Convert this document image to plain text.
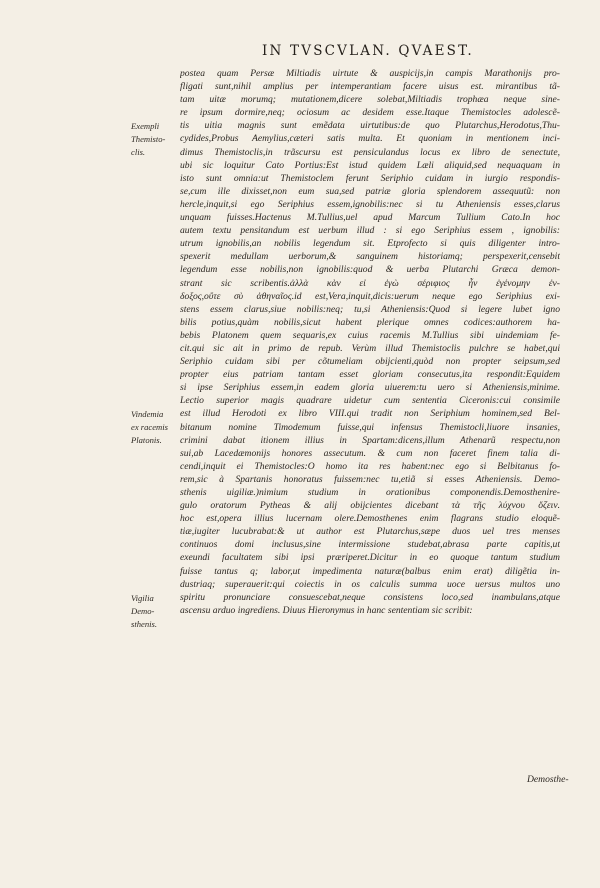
IN TVSCVLAN. QVAEST.
postea quam Persæ Miltiadis uirtute & auspicijs,in campis Marathonijs pro-
fligati sunt,nihil amplius per intemperantiam facere uisus est. mirantibus tã-
tam uitæ morumq; mutationem,dicere solebat,Miltiadis trophæa neque sine-
re ipsum dormire,neq; ociosum ac desidem esse.Itaque Themistocles adolescẽ-
tis uitia magnis sunt emẽdata uirtutibus:de quo Plutarchus,Herodotus,Thu-
cydides,Probus Aemylius,cæteri satis multa. Et quoniam in mentionem inci-
dimus Themistoclis,in trãscursu est pensiculandus locus ex libro de senectute,
ubi sic loquitur Cato Portius:Est istud quidem Læli aliquid,sed nequaquam in
isto sunt omnia:ut Themistoclem ferunt Seriphio cuidam in iurgio respondis-
se,cum ille dixisset,non eum sua,sed patriæ gloria splendorem assequutũ: non
hercle,inquit,si ego Seriphius essem,ignobilis:nec si tu Atheniensis esses,clarus
unquam fuisses.Hactenus M.Tullius,uel apud Marcum Tullium Cato.In hoc
autem textu pensitandum est uerbum illud : si ego Seriphius essem , ignobilis:
utrum ignobilis,an nobilis legendum sit. Etprofecto si quis diligenter intro-
spexerit medullam uerborum,& sanguinem historiamq; perspexerit,censebit
legendum esse nobilis,non ignobilis:quod & uerba Plutarchi Græca demon-
strant sic scribentis.ἀλλὰ κὰν εἰ ἐγὼ σέριφιος ἦν ἐγένομην ἐν-
δοξος,οὔτε σὺ ἀθηναῖος.id est,Vera,inquit,dicis:uerum neque ego Seriphius exi-
stens essem clarus,siue nobilis:neq; tu,si Atheniensis:Quod si legere lubet igno
bilis potius,quàm nobilis,sicut habent plerique omnes codices:authorem ha-
bebis Platonem quem sequaris,ex cuius racemis M.Tullius sibi uindemiam fe-
cit.qui sic ait in primo de repub. Verùm illud Themistoclis pulchre se habet,qui
Seriphio cuidam sibi per cõtumeliam obijcienti,quòd non propter seipsum,sed
propter eius patriam tantam esset gloriam consecutus,ita respondit:Equidem
si ipse Seriphius essem,in eadem gloria uiuerem:tu uero si Atheniensis,minime.
Lectio superior magis quadrare uidetur cum sententia Ciceronis:cui consimile
est illud Herodoti ex libro VIII.qui tradit non Seriphium hominem,sed Bel-
bitanum nomine Timodemum fuisse,qui infensus Themistocli,liuore insanies,
crimini dabat itionem illius in Spartam:dicens,illum Athenarũ respectu,non
sui,ab Lacedæmonijs honores assecutum. & cum non faceret finem talia di-
cendi,inquit ei Themistocles:O homo ita res habent:nec ego si Belbitanus fo-
rem,sic à Spartanis honoratus fuissem:nec tu,etiã si esses Atheniensis. Demo-
sthenis uigiliæ.)nimium studium in orationibus componendis.Demosthenire-
gulo oratorum Pytheas & alij obijcientes dicebant τὰ τῆς λύχνου ὄζειν.
hoc est,opera illius lucernam olere.Demosthenes enim flagrans studio eloquẽ-
tiæ,iugiter lucubrabat:& ut author est Plutarchus,sæpe duos uel tres menses
continuos domi inclusus,sine intermissione studebat,abrasa parte capitis,ut
exeundi facultatem sibi ipsi præriperet.Dicitur in eo quoque tantum studium
fuisse tantus q; labor,ut impedimenta naturæ(balbus enim erat) diligẽtia in-
dustriaq; superauerit:qui coiectis in os calculis summa uoce uersus multos uno
spiritu pronunciare consuescebat,neque consistens loco,sed inambulans,atque
ascensu arduo ingrediens. Diuus Hieronymus in hanc sententiam sic scribit:
Exempli
Themisto-
clis.
Vindemia
ex racemis
Platonis.
Vigilia
Demo-
sthenis.
Demosthe-
